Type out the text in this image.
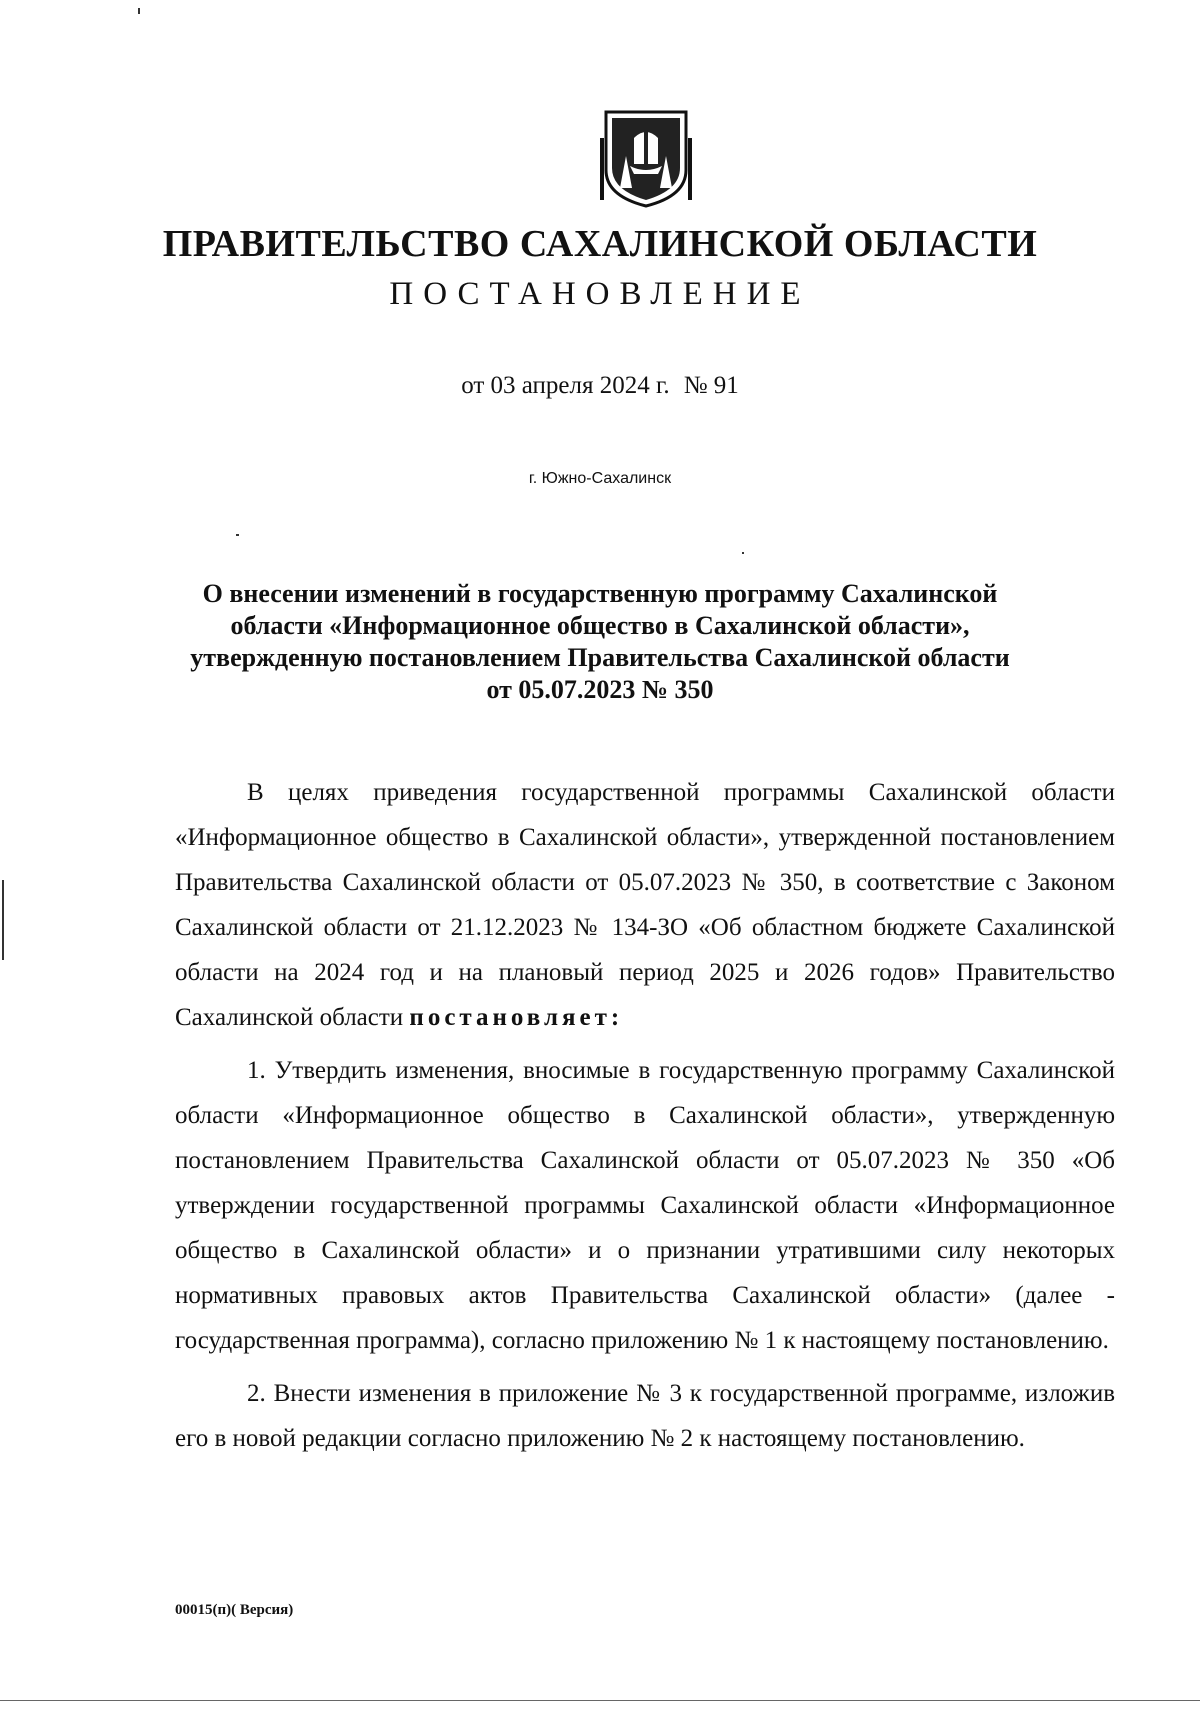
ПРАВИТЕЛЬСТВО САХАЛИНСКОЙ ОБЛАСТИ
ПОСТАНОВЛЕНИЕ
от 03 апреля 2024 г. № 91
г. Южно-Сахалинск
О внесении изменений в государственную программу Сахалинской
области «Информационное общество в Сахалинской области»,
утвержденную постановлением Правительства Сахалинской области
от 05.07.2023 № 350

В целях приведения государственной программы Сахалинской области «Информационное общество в Сахалинской области», утвержденной постановлением Правительства Сахалинской области от 05.07.2023 № 350, в соответствие с Законом Сахалинской области от 21.12.2023 № 134-ЗО «Об областном бюджете Сахалинской области на 2024 год и на плановый период 2025 и 2026 годов» Правительство Сахалинской области постановляет:

1. Утвердить изменения, вносимые в государственную программу Сахалинской области «Информационное общество в Сахалинской области», утвержденную постановлением Правительства Сахалинской области от 05.07.2023 № 350 «Об утверждении государственной программы Сахалинской области «Информационное общество в Сахалинской области» и о признании утратившими силу некоторых нормативных правовых актов Правительства Сахалинской области» (далее - государственная программа), согласно приложению № 1 к настоящему постановлению.

2. Внести изменения в приложение № 3 к государственной программе, изложив его в новой редакции согласно приложению № 2 к настоящему постановлению.

00015(п)( Версия)
